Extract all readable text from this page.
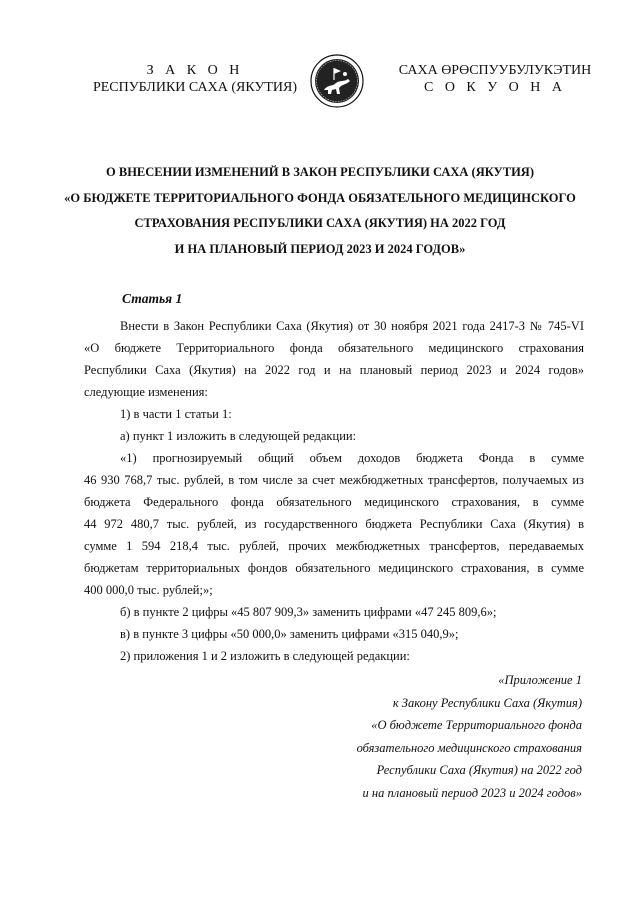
З А К О Н
РЕСПУБЛИКИ САХА (ЯКУТИЯ)
САХА ӨРӨСПУУБУЛУКЭТИН
С О К У О Н А
О ВНЕСЕНИИ ИЗМЕНЕНИЙ В ЗАКОН РЕСПУБЛИКИ САХА (ЯКУТИЯ)
«О БЮДЖЕТЕ ТЕРРИТОРИАЛЬНОГО ФОНДА ОБЯЗАТЕЛЬНОГО МЕДИЦИНСКОГО
СТРАХОВАНИЯ РЕСПУБЛИКИ САХА (ЯКУТИЯ) НА 2022 ГОД
И НА ПЛАНОВЫЙ ПЕРИОД 2023 И 2024 ГОДОВ»
Статья 1
Внести в Закон Республики Саха (Якутия) от 30 ноября 2021 года 2417-З № 745-VI
«О бюджете Территориального фонда обязательного медицинского страхования
Республики Саха (Якутия) на 2022 год и на плановый период 2023 и 2024 годов»
следующие изменения:
1) в части 1 статьи 1:
а) пункт 1 изложить в следующей редакции:
«1) прогнозируемый общий объем доходов бюджета Фонда в сумме
46 930 768,7 тыс. рублей, в том числе за счет межбюджетных трансфертов, получаемых из
бюджета Федерального фонда обязательного медицинского страхования, в сумме
44 972 480,7 тыс. рублей, из государственного бюджета Республики Саха (Якутия) в
сумме 1 594 218,4 тыс. рублей, прочих межбюджетных трансфертов, передаваемых
бюджетам территориальных фондов обязательного медицинского страхования, в сумме
400 000,0 тыс. рублей;»;
б) в пункте 2 цифры «45 807 909,3» заменить цифрами «47 245 809,6»;
в) в пункте 3 цифры «50 000,0» заменить цифрами «315 040,9»;
2) приложения 1 и 2 изложить в следующей редакции:
«Приложение 1
к Закону Республики Саха (Якутия)
«О бюджете Территориального фонда
обязательного медицинского страхования
Республики Саха (Якутия) на 2022 год
и на плановый период 2023 и 2024 годов»
